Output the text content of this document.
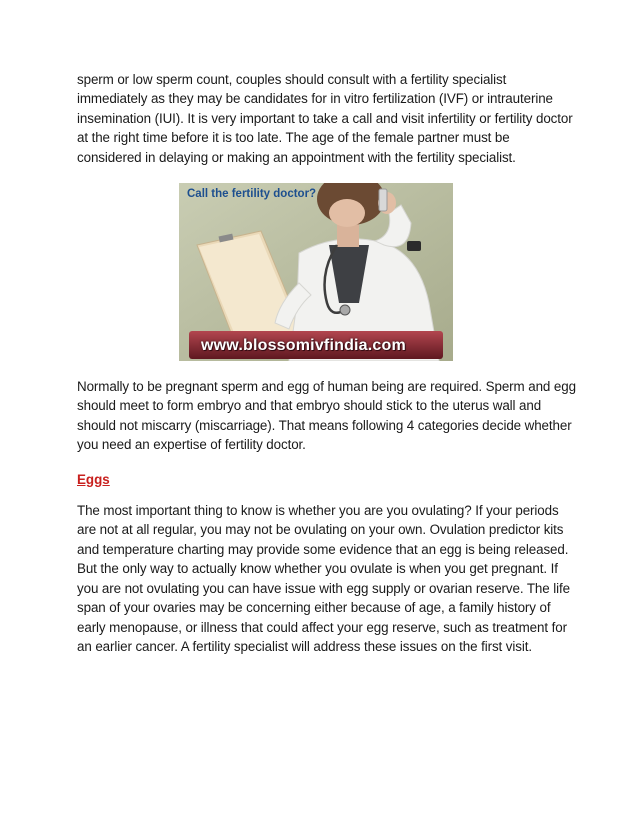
sperm or low sperm count, couples should consult with a fertility specialist immediately as they may be candidates for in vitro fertilization (IVF) or intrauterine insemination (IUI). It is very important to take a call and visit infertility or fertility doctor at the right time before it is too late. The age of the female partner must be considered in delaying or making an appointment with the fertility specialist.

Call the fertility doctor?
www.blossomivfindia.com

Normally to be pregnant sperm and egg of human being are required. Sperm and egg should meet to form embryo and that embryo should stick to the uterus wall and should not miscarry (miscarriage). That means following 4 categories decide whether you need an expertise of fertility doctor.

Eggs

The most important thing to know is whether you are you ovulating? If your periods are not at all regular, you may not be ovulating on your own. Ovulation predictor kits and temperature charting may provide some evidence that an egg is being released. But the only way to actually know whether you ovulate is when you get pregnant. If you are not ovulating you can have issue with egg supply or ovarian reserve. The life span of your ovaries may be concerning either because of age, a family history of early menopause, or illness that could affect your egg reserve, such as treatment for an earlier cancer. A fertility specialist will address these issues on the first visit.
